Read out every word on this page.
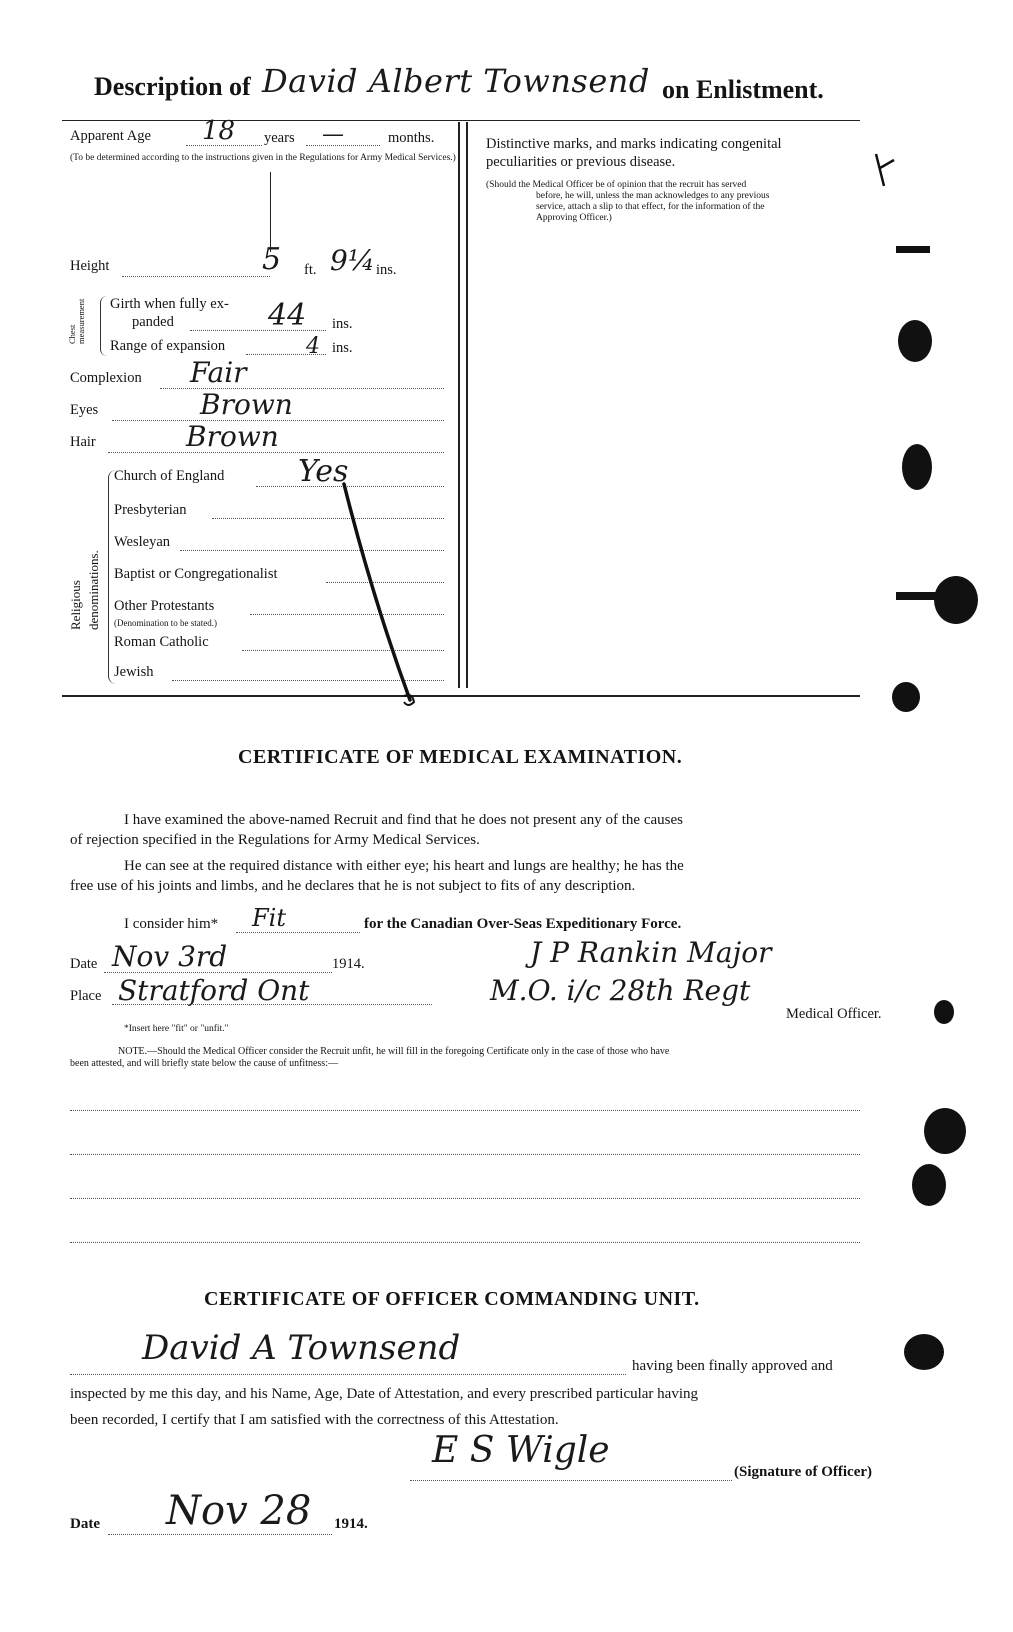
Description of David Albert Townsend on Enlistment.
Apparent Age 18 years —	months.
(To be determined according to the instructions given in the Regulations for Army Medical Services.)
Height	5 ft. 9¼ ins.
Chest measurement Girth when fully ex-
panded	44 ins.
Range of expansion	4 ins.
Complexion Fair
Eyes	Brown
Hair	Brown
Religious denominations.
Church of England Yes
Presbyterian
Wesleyan
Baptist or Congregationalist
Other Protestants
(Denomination to be stated.)
Roman Catholic
Jewish
Distinctive marks, and marks indicating congenital
peculiarities or previous disease.
(Should the Medical Officer be of opinion that the recruit has served
before, he will, unless the man acknowledges to any previous
service, attach a slip to that effect, for the information of the
Approving Officer.)
CERTIFICATE OF MEDICAL EXAMINATION.
I have examined the above-named Recruit and find that he does not present any of the causes
of rejection specified in the Regulations for Army Medical Services.
He can see at the required distance with either eye; his heart and lungs are healthy; he has the
free use of his joints and limbs, and he declares that he is not subject to fits of any description.
I consider him* Fit	for the Canadian Over-Seas Expeditionary Force.
Date Nov 3rd	1914.
Place Stratford Ont
J P Rankin Major
M.O. i/c 28th Regt
Medical Officer.
*Insert here "fit" or "unfit."
NOTE.—Should the Medical Officer consider the Recruit unfit, he will fill in the foregoing Certificate only in the case of those who have
been attested, and will briefly state below the cause of unfitness:—
CERTIFICATE OF OFFICER COMMANDING UNIT.
David A Townsend	having been finally approved and
inspected by me this day, and his Name, Age, Date of Attestation, and every prescribed particular having
been recorded, I certify that I am satisfied with the correctness of this Attestation.
E S Wigle
(Signature of Officer)
Date Nov 28 1914.
